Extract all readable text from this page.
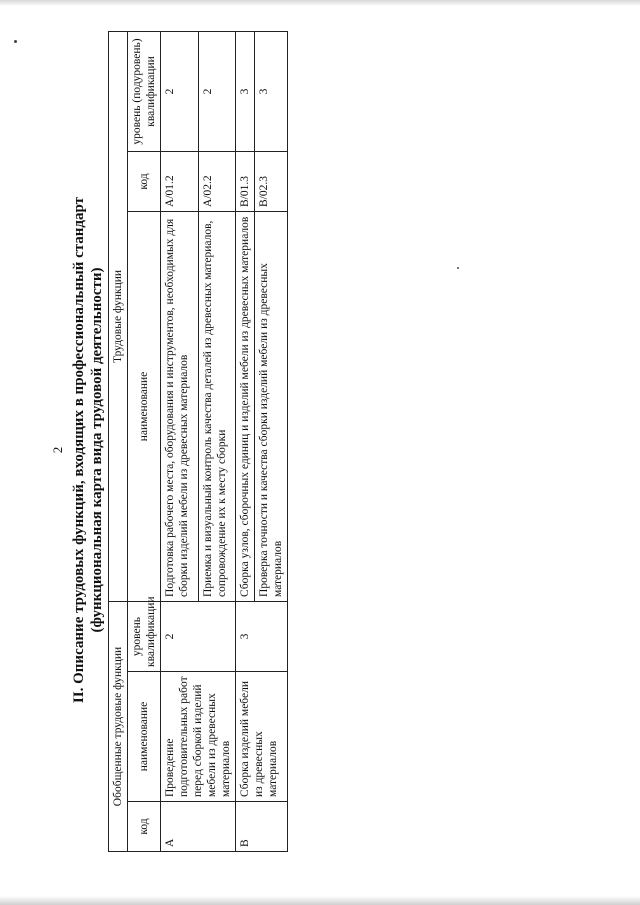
2 II. Описание трудовых функций, входящих в профессиональный стандарт (функциональная карта вида трудовой деятельности)
Обобщенные трудовые функции			Трудовые функции		
код	наименование	уровень квалификации	наименование	код	уровень (подуровень) квалификации
A	Проведение подготовительных работ перед сборкой изделий мебели из древесных материалов	2	Подготовка рабочего места, оборудования и инструментов, необходимых для сборки изделий мебели из древесных материалов	A/01.2	2
			Приемка и визуальный контроль качества деталей из древесных материалов, сопровождение их к месту сборки	A/02.2	2
B	Сборка изделий мебели из древесных материалов	3	Сборка узлов, сборочных единиц и изделий мебели из древесных материалов	B/01.3	3
			Проверка точности и качества сборки изделий мебели из древесных материалов	B/02.3	3
